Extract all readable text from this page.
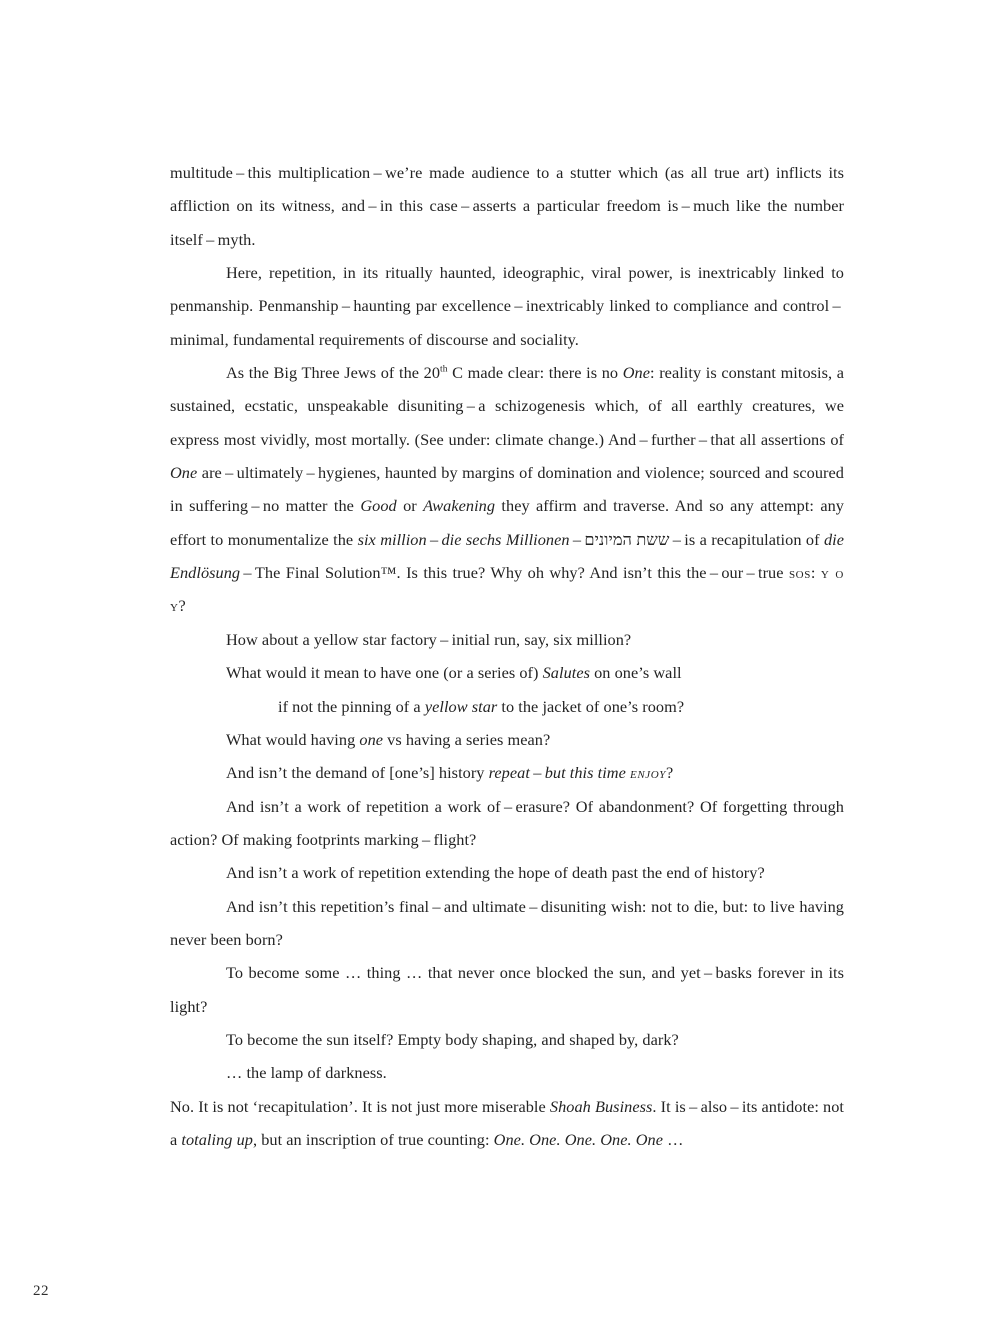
multitude – this multiplication – we’re made audience to a stutter which (as all true art) inflicts its affliction on its witness, and – in this case – asserts a particular freedom is – much like the number itself – myth.

Here, repetition, in its ritually haunted, ideographic, viral power, is inextricably linked to penmanship. Penmanship – haunting par excellence – inextricably linked to compliance and control – minimal, fundamental requirements of discourse and sociality.

As the Big Three Jews of the 20th C made clear: there is no One: reality is constant mitosis, a sustained, ecstatic, unspeakable disuniting – a schizogenesis which, of all earthly creatures, we express most vividly, most mortally. (See under: climate change.) And – further – that all assertions of One are – ultimately – hygienes, haunted by margins of domination and violence; sourced and scoured in suffering – no matter the Good or Awakening they affirm and traverse. And so any attempt: any effort to monumentalize the six million – die sechs Millionen – ששת המיונים – is a recapitulation of die Endlösung – The Final Solution™. Is this true? Why oh why? And isn’t this the – our – true sos: y o y?

How about a yellow star factory – initial run, say, six million?

What would it mean to have one (or a series of) Salutes on one’s wall

if not the pinning of a yellow star to the jacket of one’s room?

What would having one vs having a series mean?

And isn’t the demand of [one’s] history repeat – but this time enjoy?

And isn’t a work of repetition a work of – erasure? Of abandonment? Of forgetting through action? Of making footprints marking – flight?

And isn’t a work of repetition extending the hope of death past the end of history?

And isn’t this repetition’s final – and ultimate – disuniting wish: not to die, but: to live having never been born?

To become some … thing … that never once blocked the sun, and yet – basks forever in its light?

To become the sun itself? Empty body shaping, and shaped by, dark?

… the lamp of darkness.

No. It is not ‘recapitulation’. It is not just more miserable Shoah Business. It is – also – its antidote: not a totaling up, but an inscription of true counting: One. One. One. One. One …

22
